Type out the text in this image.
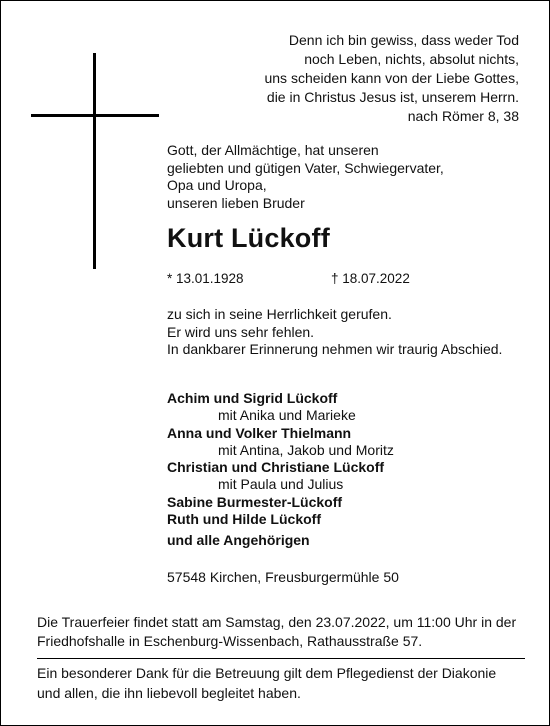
Denn ich bin gewiss, dass weder Tod
noch Leben, nichts, absolut nichts,
uns scheiden kann von der Liebe Gottes,
die in Christus Jesus ist, unserem Herrn.
nach Römer 8, 38
Gott, der Allmächtige, hat unseren
geliebten und gütigen Vater, Schwiegervater,
Opa und Uropa,
unseren lieben Bruder
Kurt Lückoff
* 13.01.1928	† 18.07.2022
zu sich in seine Herrlichkeit gerufen.
Er wird uns sehr fehlen.
In dankbarer Erinnerung nehmen wir traurig Abschied.
Achim und Sigrid Lückoff
mit Anika und Marieke
Anna und Volker Thielmann
mit Antina, Jakob und Moritz
Christian und Christiane Lückoff
mit Paula und Julius
Sabine Burmester-Lückoff
Ruth und Hilde Lückoff
und alle Angehörigen
57548 Kirchen, Freusburgermühle 50
Die Trauerfeier findet statt am Samstag, den 23.07.2022, um 11:00 Uhr in der
Friedhofshalle in Eschenburg-Wissenbach, Rathausstraße 57.
Ein besonderer Dank für die Betreuung gilt dem Pflegedienst der Diakonie
und allen, die ihn liebevoll begleitet haben.
